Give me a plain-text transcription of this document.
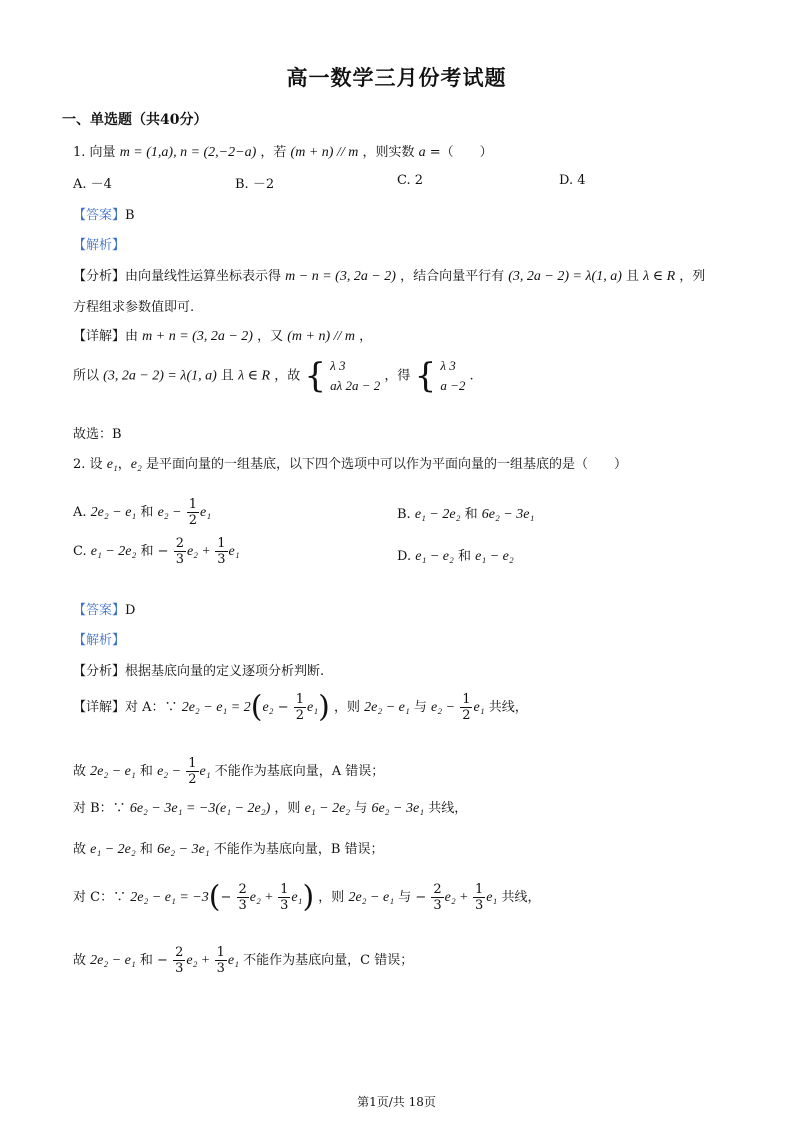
高一数学三月份考试题
一、单选题（共40分）
1. 向量 m = (1,a), n = (2,−2−a) ，若 (m + n) // m ，则实数 a =（　　）
A. －4	B. －2	C. 2	D. 4
【答案】B
【解析】
【分析】由向量线性运算坐标表示得 m − n = (3, 2a − 2) ，结合向量平行有 (3, 2a − 2) = λ(1, a) 且 λ ∈ R ，列
方程组求参数值即可.
【详解】由 m + n = (3, 2a − 2) ，又 (m + n) // m ，
所以 (3, 2a − 2) = λ(1, a) 且 λ ∈ R ，故 { λ 3
aλ 2a − 2
，得 { λ 3
a −2
.
故选：B
2. 设 e₁，e₂ 是平面向量的一组基底，以下四个选项中可以作为平面向量的一组基底的是（　　）
A. 2e₂ − e₁ 和 $e_2 - \frac{1}{2} e_1$	B. e₁ − 2e₂ 和 6e₂ − 3e₁
C. e₁ − 2e₂ 和 − $\frac{2}{3} e_2 + \frac{1}{3} e_1$	D. e₁ − e₂ 和 e₁ − e₂
【答案】D
【解析】
【分析】根据基底向量的定义逐项分析判断.
【详解】对 A：∵ $2e_2 - e_1 = 2(e_2 - \frac{1}{2} e_1)$ ，则 2e₂ − e₁ 与 $e_2 - \frac{1}{2} e_1$ 共线，
故 2e₂ − e₁ 和 $e_2 - \frac{1}{2} e_1$ 不能作为基底向量，A 错误；
对 B：∵ 6e₂ − 3e₁ = −3(e₁ − 2e₂) ，则 e₁ − 2e₂ 与 6e₂ − 3e₁ 共线，
故 e₁ − 2e₂ 和 6e₂ − 3e₁ 不能作为基底向量，B 错误；
对 C：∵ $2e_2 - e_1 = -3(- \frac{2}{3} e_2 + \frac{1}{3} e_1)$ ，则 2e₂ − e₁ 与 − $\frac{2}{3} e_2 + \frac{1}{3} e_1$ 共线，
故 2e₂ − e₁ 和 − $\frac{2}{3} e_2 + \frac{1}{3} e_1$ 不能作为基底向量，C 错误；
第1页/共 18页
